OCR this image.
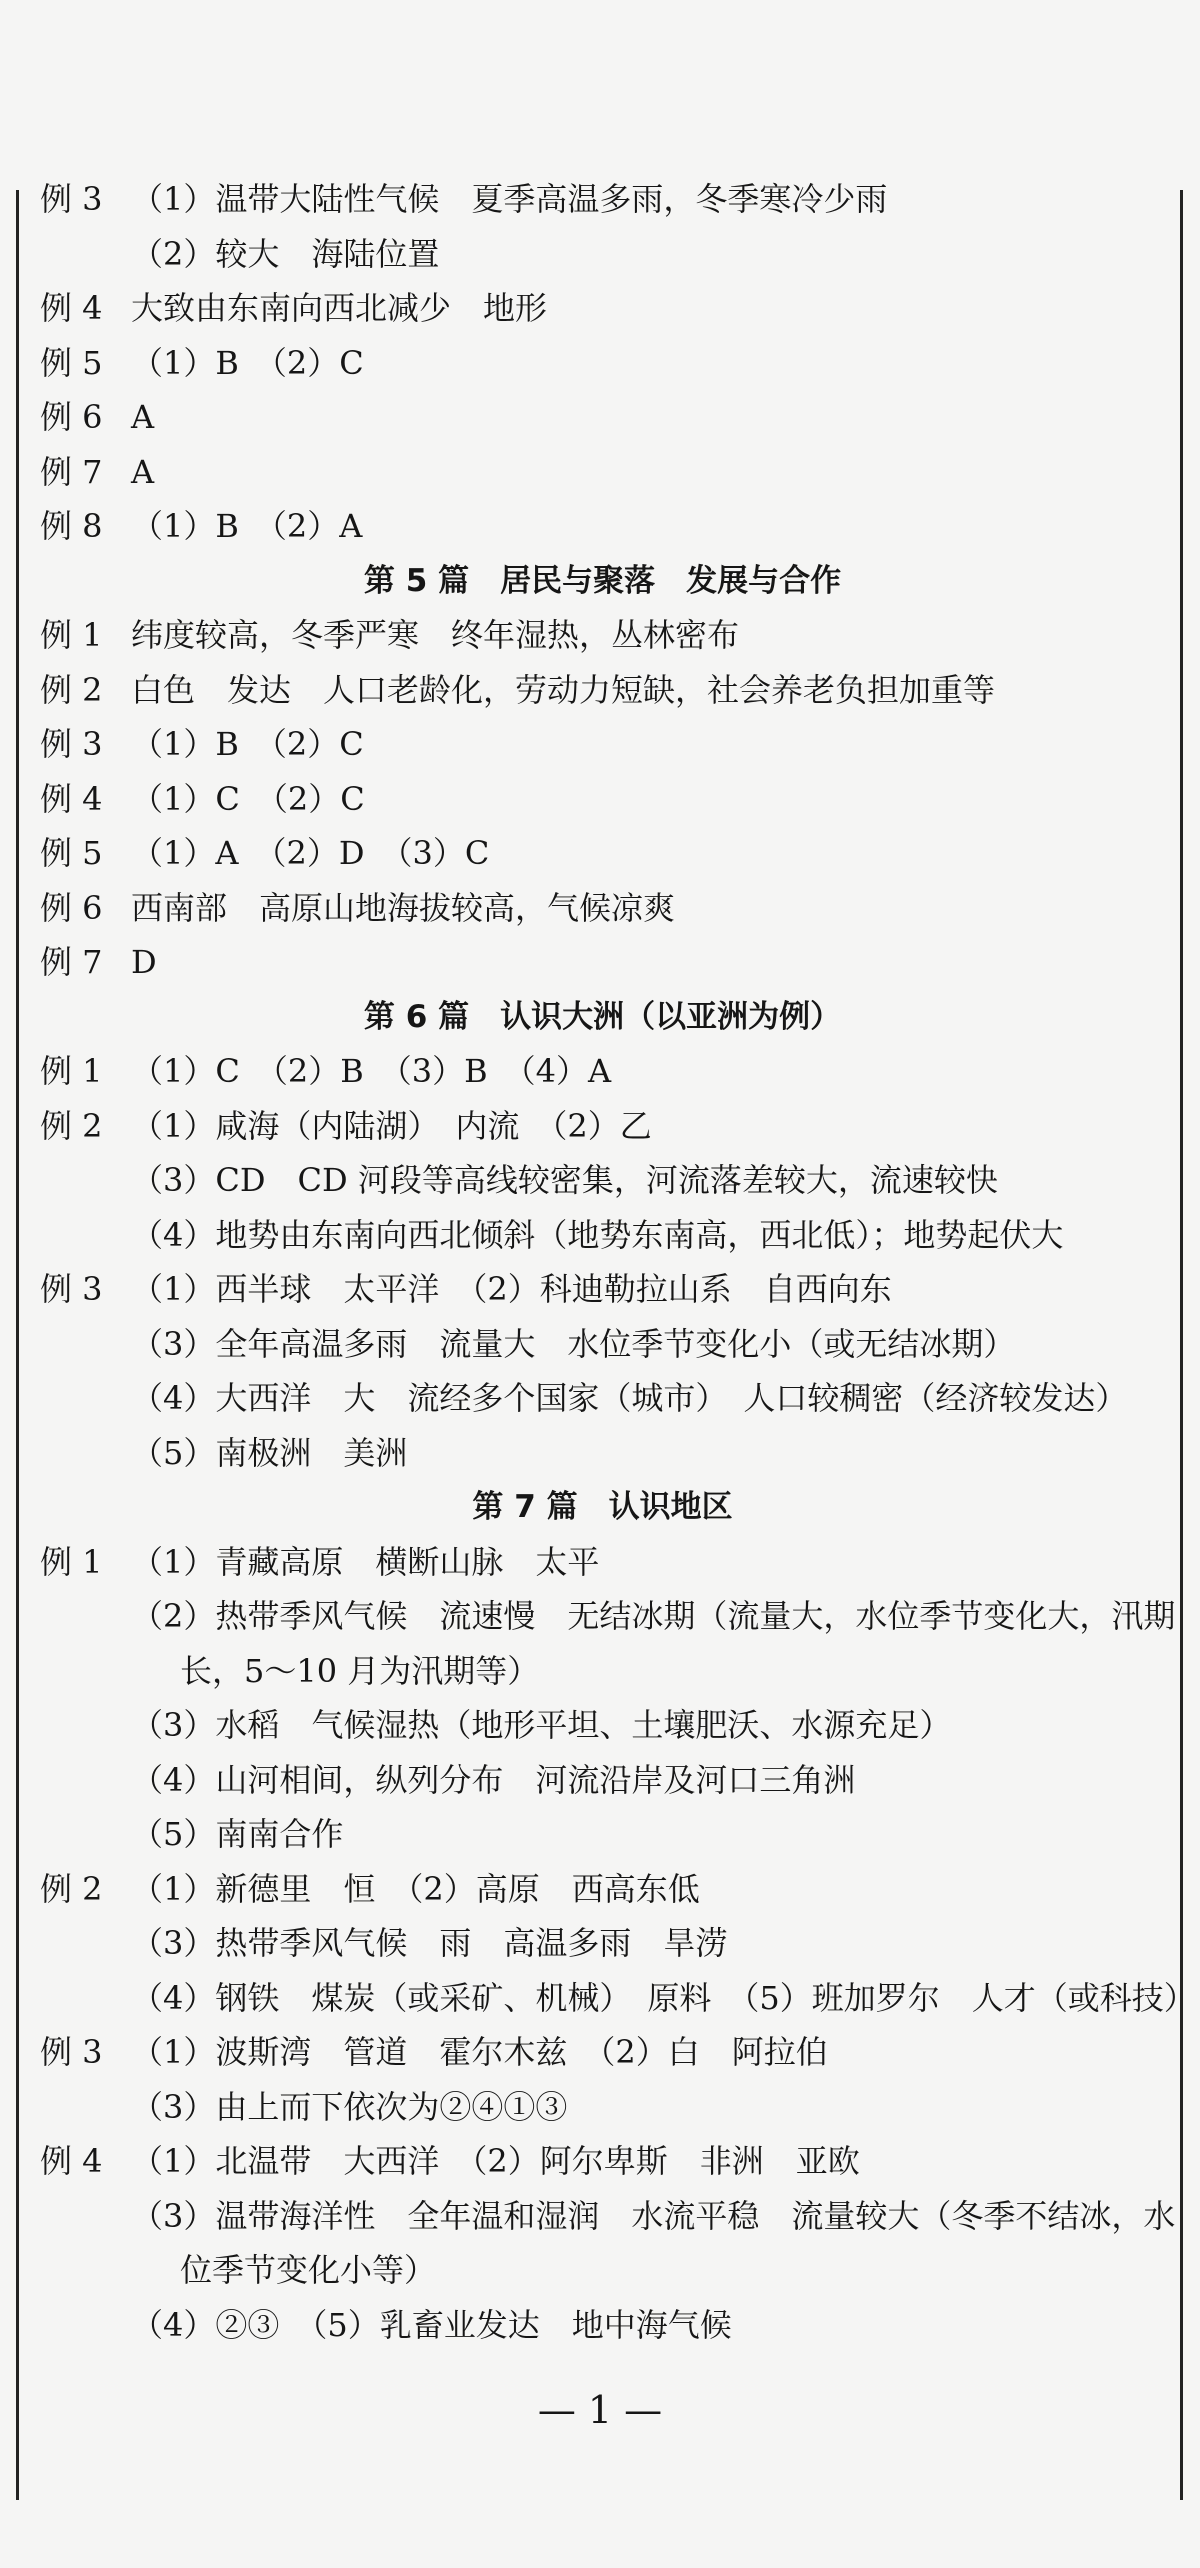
例 3 （1）温带大陆性气候　夏季高温多雨，冬季寒冷少雨
（2）较大　海陆位置
例 4 大致由东南向西北减少　地形
例 5 （1）B　（2）C
例 6 A
例 7 A
例 8 （1）B　（2）A
第 5 篇　居民与聚落　发展与合作
例 1 纬度较高，冬季严寒　终年湿热，丛林密布
例 2 白色　发达　人口老龄化，劳动力短缺，社会养老负担加重等
例 3 （1）B　（2）C
例 4 （1）C　（2）C
例 5 （1）A　（2）D　（3）C
例 6 西南部　高原山地海拔较高，气候凉爽
例 7 D
第 6 篇　认识大洲（以亚洲为例）
例 1 （1）C　（2）B　（3）B　（4）A
例 2 （1）咸海（内陆湖）　内流　（2）乙
（3）CD　CD 河段等高线较密集，河流落差较大，流速较快
（4）地势由东南向西北倾斜（地势东南高，西北低）；地势起伏大
例 3 （1）西半球　太平洋　（2）科迪勒拉山系　自西向东
（3）全年高温多雨　流量大　水位季节变化小（或无结冰期）
（4）大西洋　大　流经多个国家（城市）　人口较稠密（经济较发达）
（5）南极洲　美洲
第 7 篇　认识地区
例 1 （1）青藏高原　横断山脉　太平
（2）热带季风气候　流速慢　无结冰期（流量大，水位季节变化大，汛期
长，5～10 月为汛期等）
（3）水稻　气候湿热（地形平坦、土壤肥沃、水源充足）
（4）山河相间，纵列分布　河流沿岸及河口三角洲
（5）南南合作
例 2 （1）新德里　恒　（2）高原　西高东低
（3）热带季风气候　雨　高温多雨　旱涝
（4）钢铁　煤炭（或采矿、机械）　原料　（5）班加罗尔　人才（或科技）
例 3 （1）波斯湾　管道　霍尔木兹　（2）白　阿拉伯
（3）由上而下依次为②④①③
例 4 （1）北温带　大西洋　（2）阿尔卑斯　非洲　亚欧
（3）温带海洋性　全年温和湿润　水流平稳　流量较大（冬季不结冰，水
位季节变化小等）
（4）②③　（5）乳畜业发达　地中海气候
— 1 —
